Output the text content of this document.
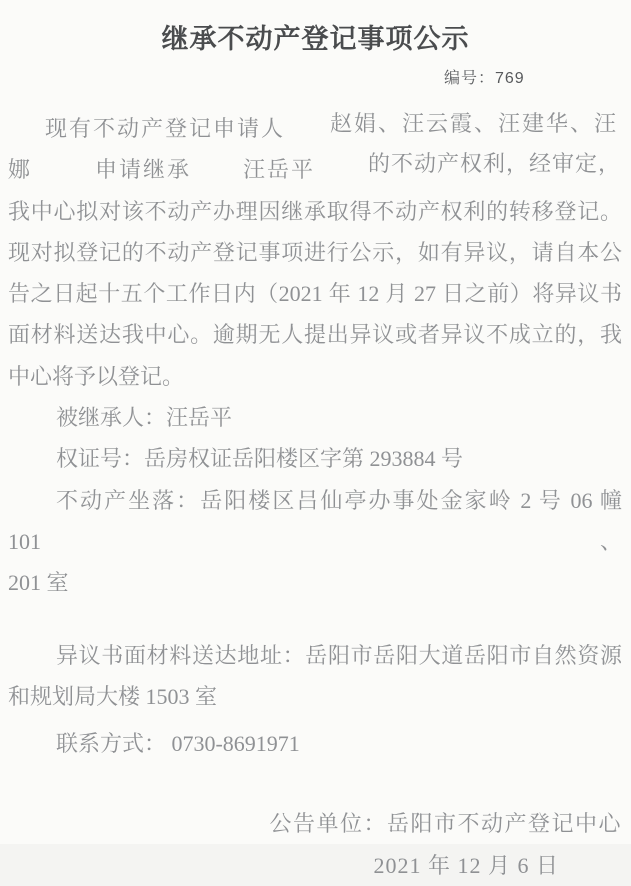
继承不动产登记事项公示
编号：769
现有不动产登记申请人 赵娟、汪云霞、汪建华、汪
娜	申请继承 汪岳平 的不动产权利，经审定，
我中心拟对该不动产办理因继承取得不动产权利的转移登记。
现对拟登记的不动产登记事项进行公示，如有异议，请自本公
告之日起十五个工作日内（2021 年 12 月 27 日之前）将异议书
面材料送达我中心。逾期无人提出异议或者异议不成立的，我
中心将予以登记。
被继承人：汪岳平
权证号：岳房权证岳阳楼区字第 293884 号
不动产坐落：岳阳楼区吕仙亭办事处金家岭 2 号 06 幢 101、
201 室
异议书面材料送达地址：岳阳市岳阳大道岳阳市自然资源
和规划局大楼 1503 室
联系方式： 0730-8691971
公告单位：岳阳市不动产登记中心
2021 年 12 月 6 日
